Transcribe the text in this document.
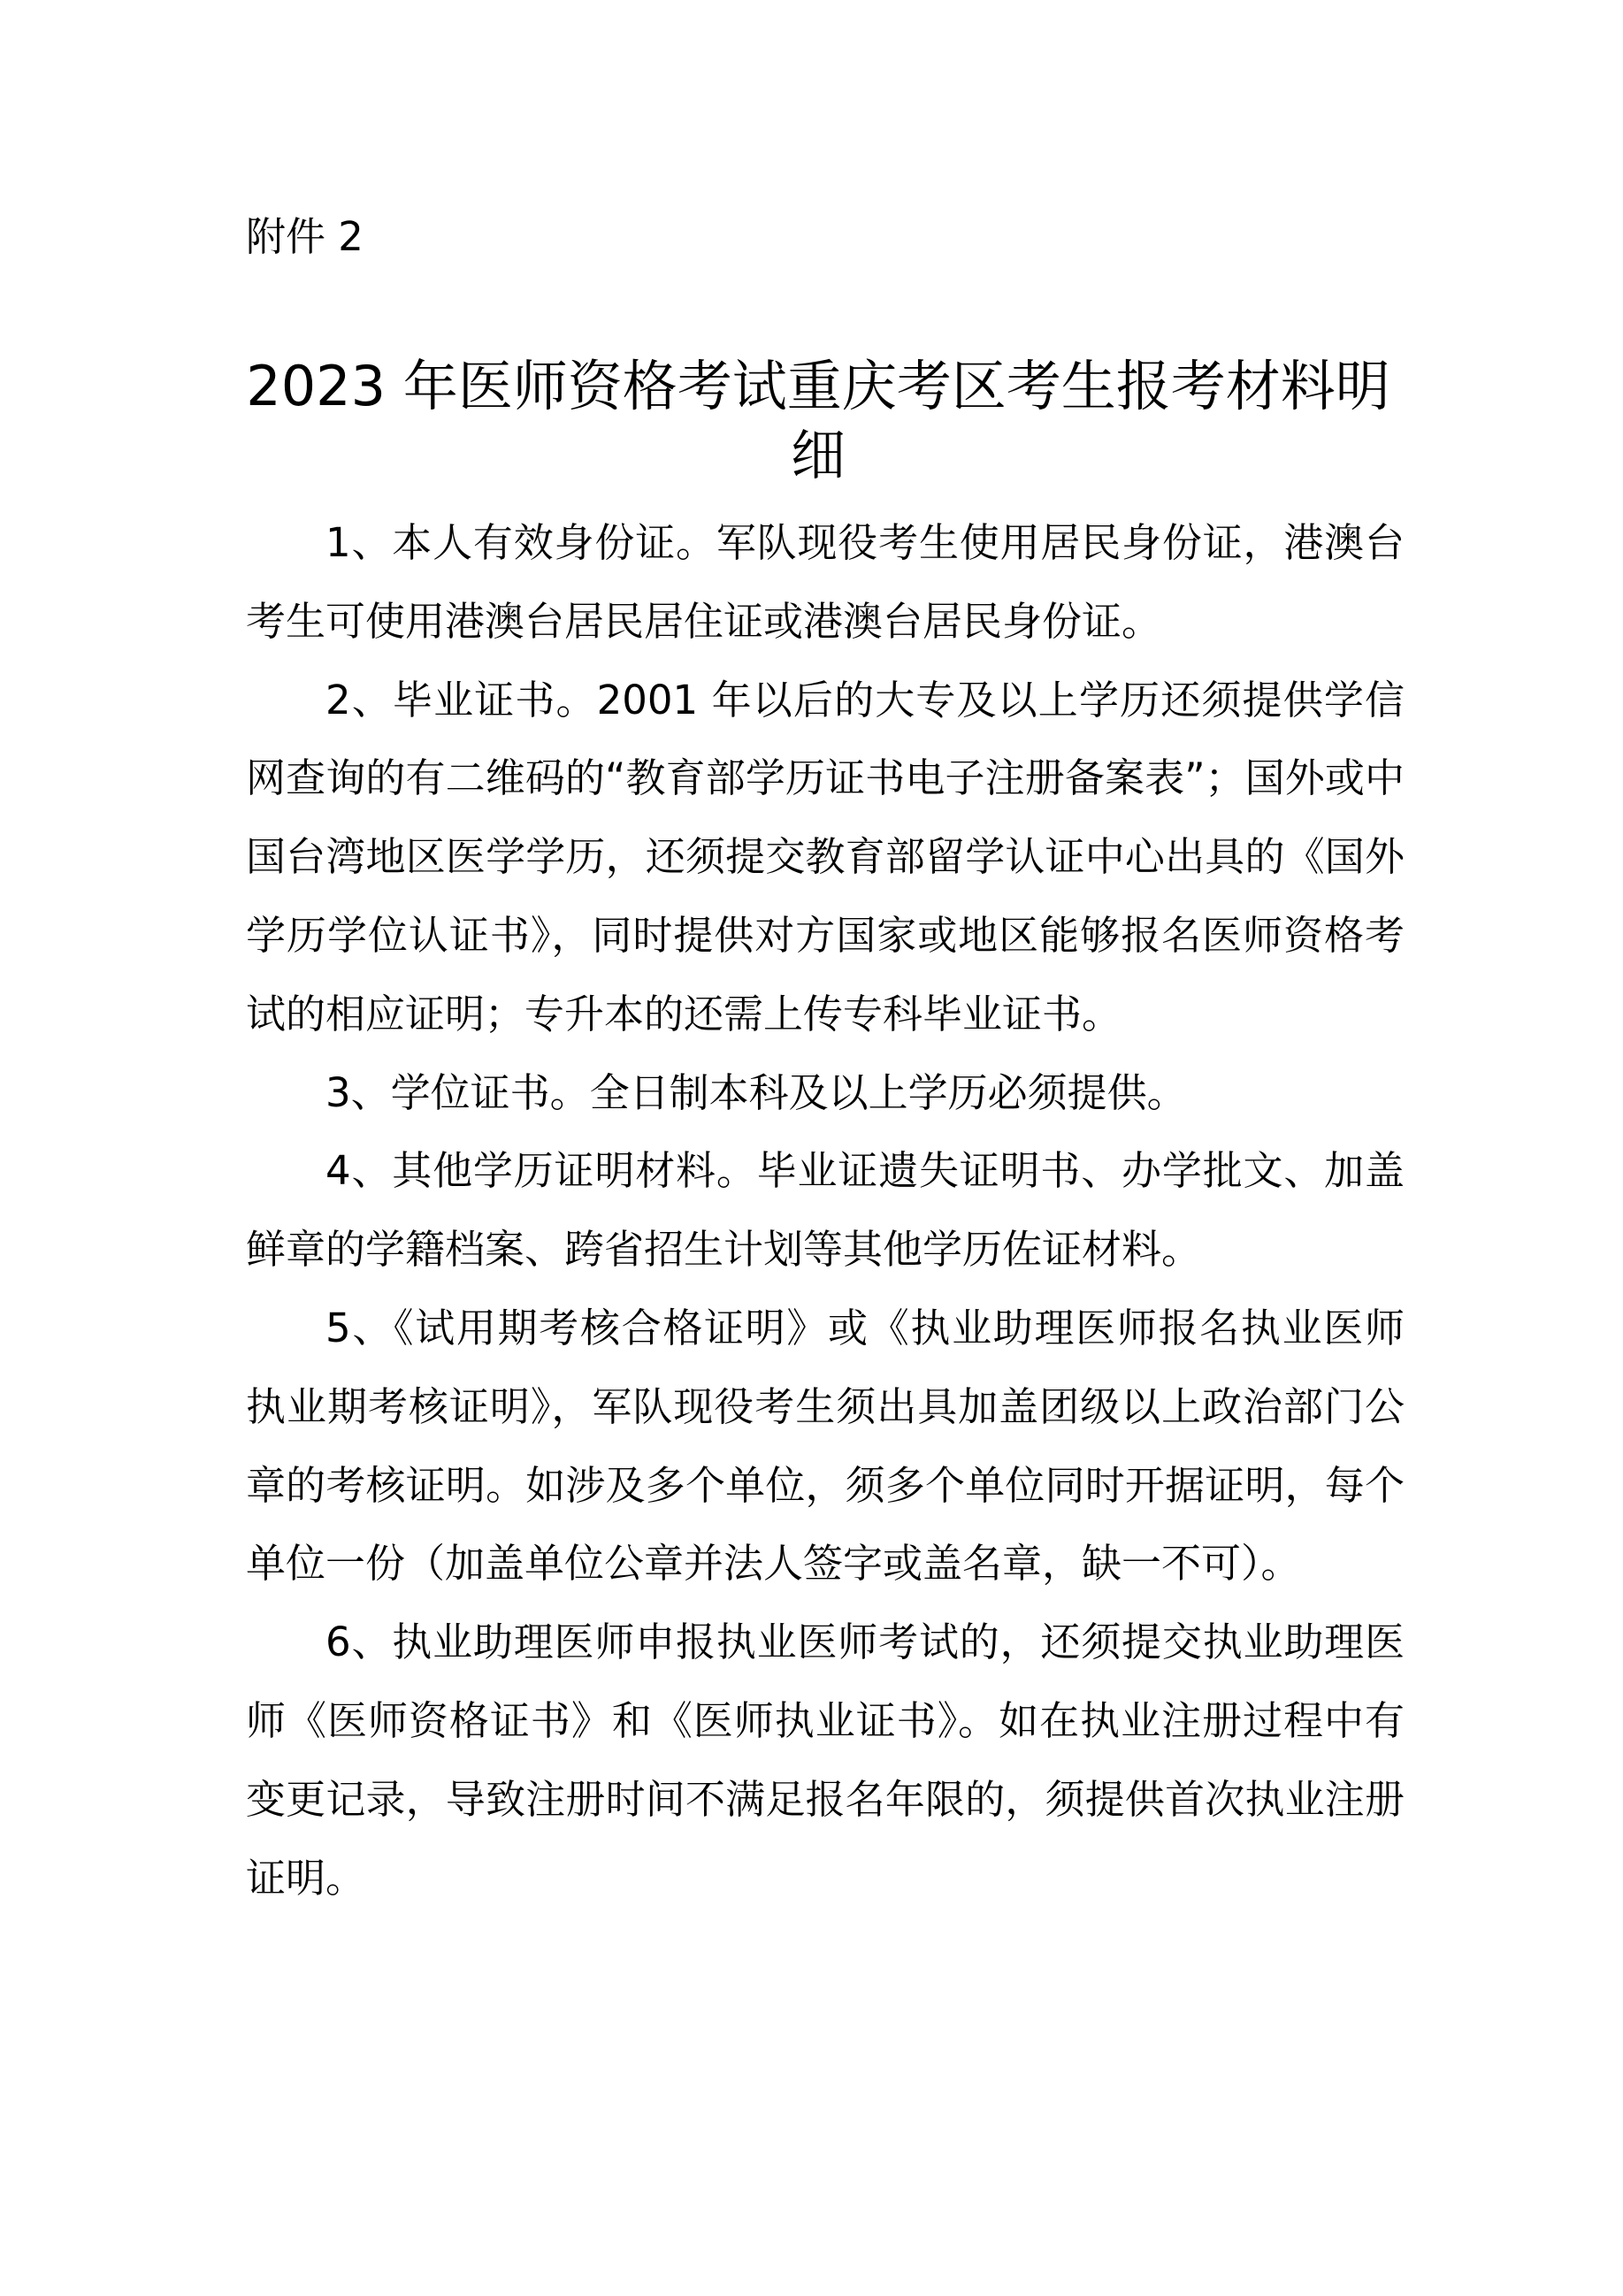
附件 2
2023 年医师资格考试重庆考区考生报考材料明细

1、本人有效身份证。军队现役考生使用居民身份证，港澳台考生可使用港澳台居民居住证或港澳台居民身份证。

2、毕业证书。2001 年以后的大专及以上学历还须提供学信网查询的有二维码的“教育部学历证书电子注册备案表”；国外或中国台湾地区医学学历，还须提交教育部留学认证中心出具的《国外学历学位认证书》，同时提供对方国家或地区能够报名医师资格考试的相应证明；专升本的还需上传专科毕业证书。

3、学位证书。全日制本科及以上学历必须提供。

4、其他学历证明材料。毕业证遗失证明书、办学批文、加盖鲜章的学籍档案、跨省招生计划等其他学历佐证材料。

5、《试用期考核合格证明》或《执业助理医师报名执业医师执业期考核证明》，军队现役考生须出具加盖团级以上政治部门公章的考核证明。如涉及多个单位，须多个单位同时开据证明，每个单位一份（加盖单位公章并法人签字或盖名章，缺一不可）。

6、执业助理医师申报执业医师考试的，还须提交执业助理医师《医师资格证书》和《医师执业证书》。如在执业注册过程中有变更记录，导致注册时间不满足报名年限的，须提供首次执业注册证明。
